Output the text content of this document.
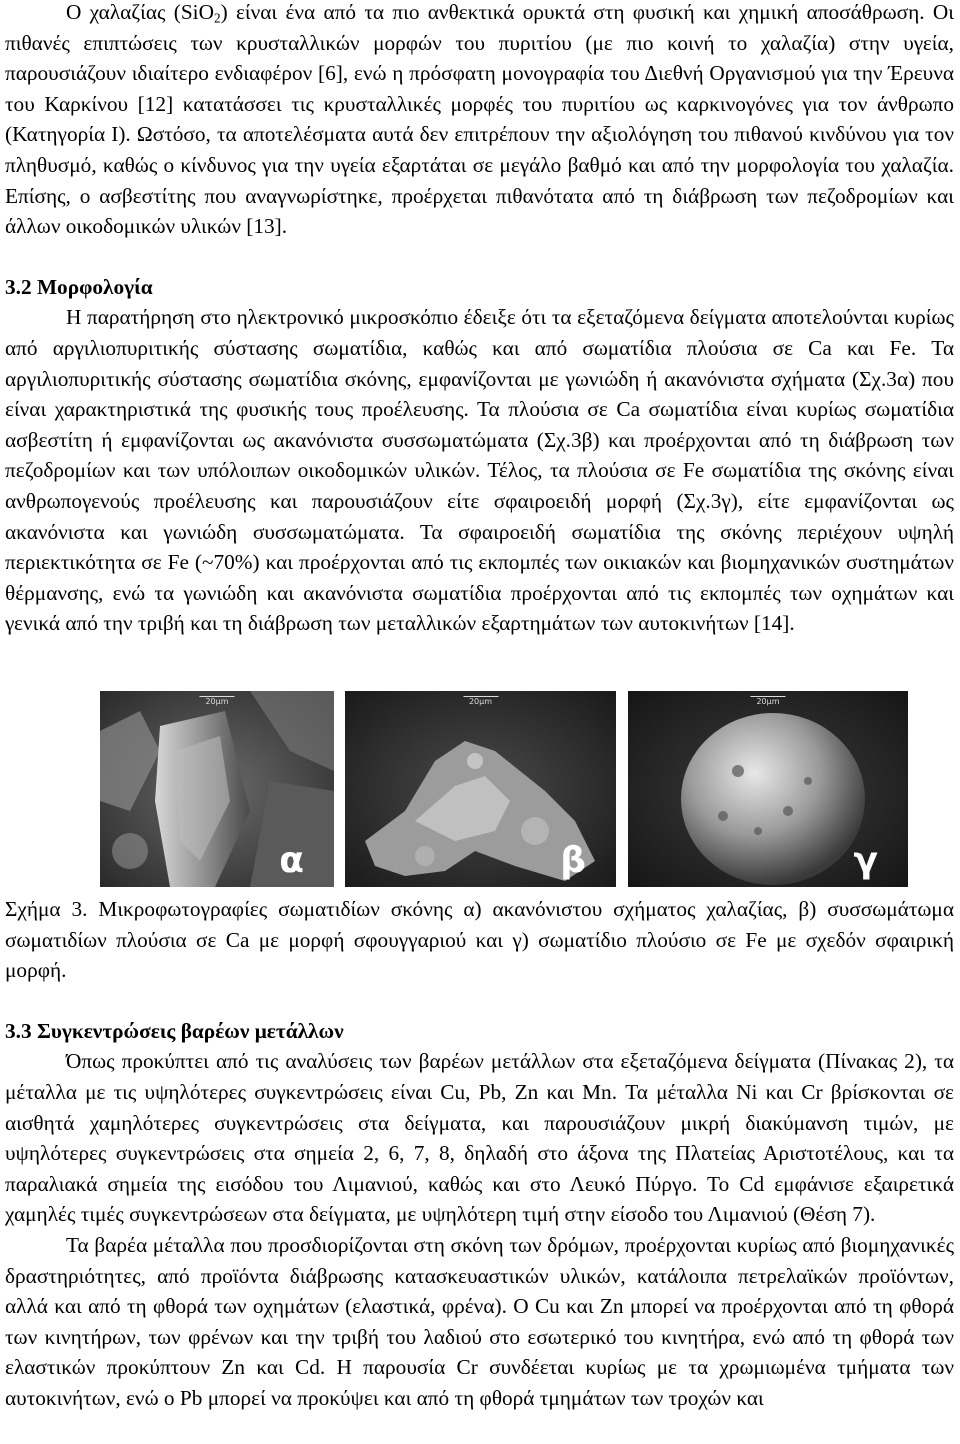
Ο χαλαζίας (SiO$_2$) είναι ένα από τα πιο ανθεκτικά ορυκτά στη φυσική και χημική αποσάθρωση. Οι πιθανές επιπτώσεις των κρυσταλλικών μορφών του πυριτίου (με πιο κοινή το χαλαζία) στην υγεία, παρουσιάζουν ιδιαίτερο ενδιαφέρον [6], ενώ η πρόσφατη μονογραφία του Διεθνή Οργανισμού για την Έρευνα του Καρκίνου [12] κατατάσσει τις κρυσταλλικές μορφές του πυριτίου ως καρκινογόνες για τον άνθρωπο (Κατηγορία Ι). Ωστόσο, τα αποτελέσματα αυτά δεν επιτρέπουν την αξιολόγηση του πιθανού κινδύνου για τον πληθυσμό, καθώς ο κίνδυνος για την υγεία εξαρτάται σε μεγάλο βαθμό και από την μορφολογία του χαλαζία. Επίσης, ο ασβεστίτης που αναγνωρίστηκε, προέρχεται πιθανότατα από τη διάβρωση των πεζοδρομίων και άλλων οικοδομικών υλικών [13].

3.2 Μορφολογία

Η παρατήρηση στο ηλεκτρονικό μικροσκόπιο έδειξε ότι τα εξεταζόμενα δείγματα αποτελούνται κυρίως από αργιλιοπυριτικής σύστασης σωματίδια, καθώς και από σωματίδια πλούσια σε Ca και Fe. Τα αργιλιοπυριτικής σύστασης σωματίδια σκόνης, εμφανίζονται με γωνιώδη ή ακανόνιστα σχήματα (Σχ.3α) που είναι χαρακτηριστικά της φυσικής τους προέλευσης. Τα πλούσια σε Ca σωματίδια είναι κυρίως σωματίδια ασβεστίτη ή εμφανίζονται ως ακανόνιστα συσσωματώματα (Σχ.3β) και προέρχονται από τη διάβρωση των πεζοδρομίων και των υπόλοιπων οικοδομικών υλικών. Τέλος, τα πλούσια σε Fe σωματίδια της σκόνης είναι ανθρωπογενούς προέλευσης και παρουσιάζουν είτε σφαιροειδή μορφή (Σχ.3γ), είτε εμφανίζονται ως ακανόνιστα και γωνιώδη συσσωματώματα. Τα σφαιροειδή σωματίδια της σκόνης περιέχουν υψηλή περιεκτικότητα σε Fe (~70%) και προέρχονται από τις εκπομπές των οικιακών και βιομηχανικών συστημάτων θέρμανσης, ενώ τα γωνιώδη και ακανόνιστα σωματίδια προέρχονται από τις εκπομπές των οχημάτων και γενικά από την τριβή και τη διάβρωση των μεταλλικών εξαρτημάτων των αυτοκινήτων [14].

20μm
α
20μm
β
20μm
γ

Σχήμα 3. Μικροφωτογραφίες σωματιδίων σκόνης α) ακανόνιστου σχήματος χαλαζίας, β) συσσωμάτωμα σωματιδίων πλούσια σε Ca με μορφή σφουγγαριού και γ) σωματίδιο πλούσιο σε Fe με σχεδόν σφαιρική μορφή.

3.3 Συγκεντρώσεις βαρέων μετάλλων

Όπως προκύπτει από τις αναλύσεις των βαρέων μετάλλων στα εξεταζόμενα δείγματα (Πίνακας 2), τα μέταλλα με τις υψηλότερες συγκεντρώσεις είναι Cu, Pb, Zn και Mn. Τα μέταλλα Ni και Cr βρίσκονται σε αισθητά χαμηλότερες συγκεντρώσεις στα δείγματα, και παρουσιάζουν μικρή διακύμανση τιμών, με υψηλότερες συγκεντρώσεις στα σημεία 2, 6, 7, 8, δηλαδή στο άξονα της Πλατείας Αριστοτέλους, και τα παραλιακά σημεία της εισόδου του Λιμανιού, καθώς και στο Λευκό Πύργο. Το Cd εμφάνισε εξαιρετικά χαμηλές τιμές συγκεντρώσεων στα δείγματα, με υψηλότερη τιμή στην είσοδο του Λιμανιού (Θέση 7).

Τα βαρέα μέταλλα που προσδιορίζονται στη σκόνη των δρόμων, προέρχονται κυρίως από βιομηχανικές δραστηριότητες, από προϊόντα διάβρωσης κατασκευαστικών υλικών, κατάλοιπα πετρελαϊκών προϊόντων, αλλά και από τη φθορά των οχημάτων (ελαστικά, φρένα). Ο Cu και Zn μπορεί να προέρχονται από τη φθορά των κινητήρων, των φρένων και την τριβή του λαδιού στο εσωτερικό του κινητήρα, ενώ από τη φθορά των ελαστικών προκύπτουν Zn και Cd. Η παρουσία Cr συνδέεται κυρίως με τα χρωμιωμένα τμήματα των αυτοκινήτων, ενώ ο Pb μπορεί να προκύψει και από τη φθορά τμημάτων των τροχών και
